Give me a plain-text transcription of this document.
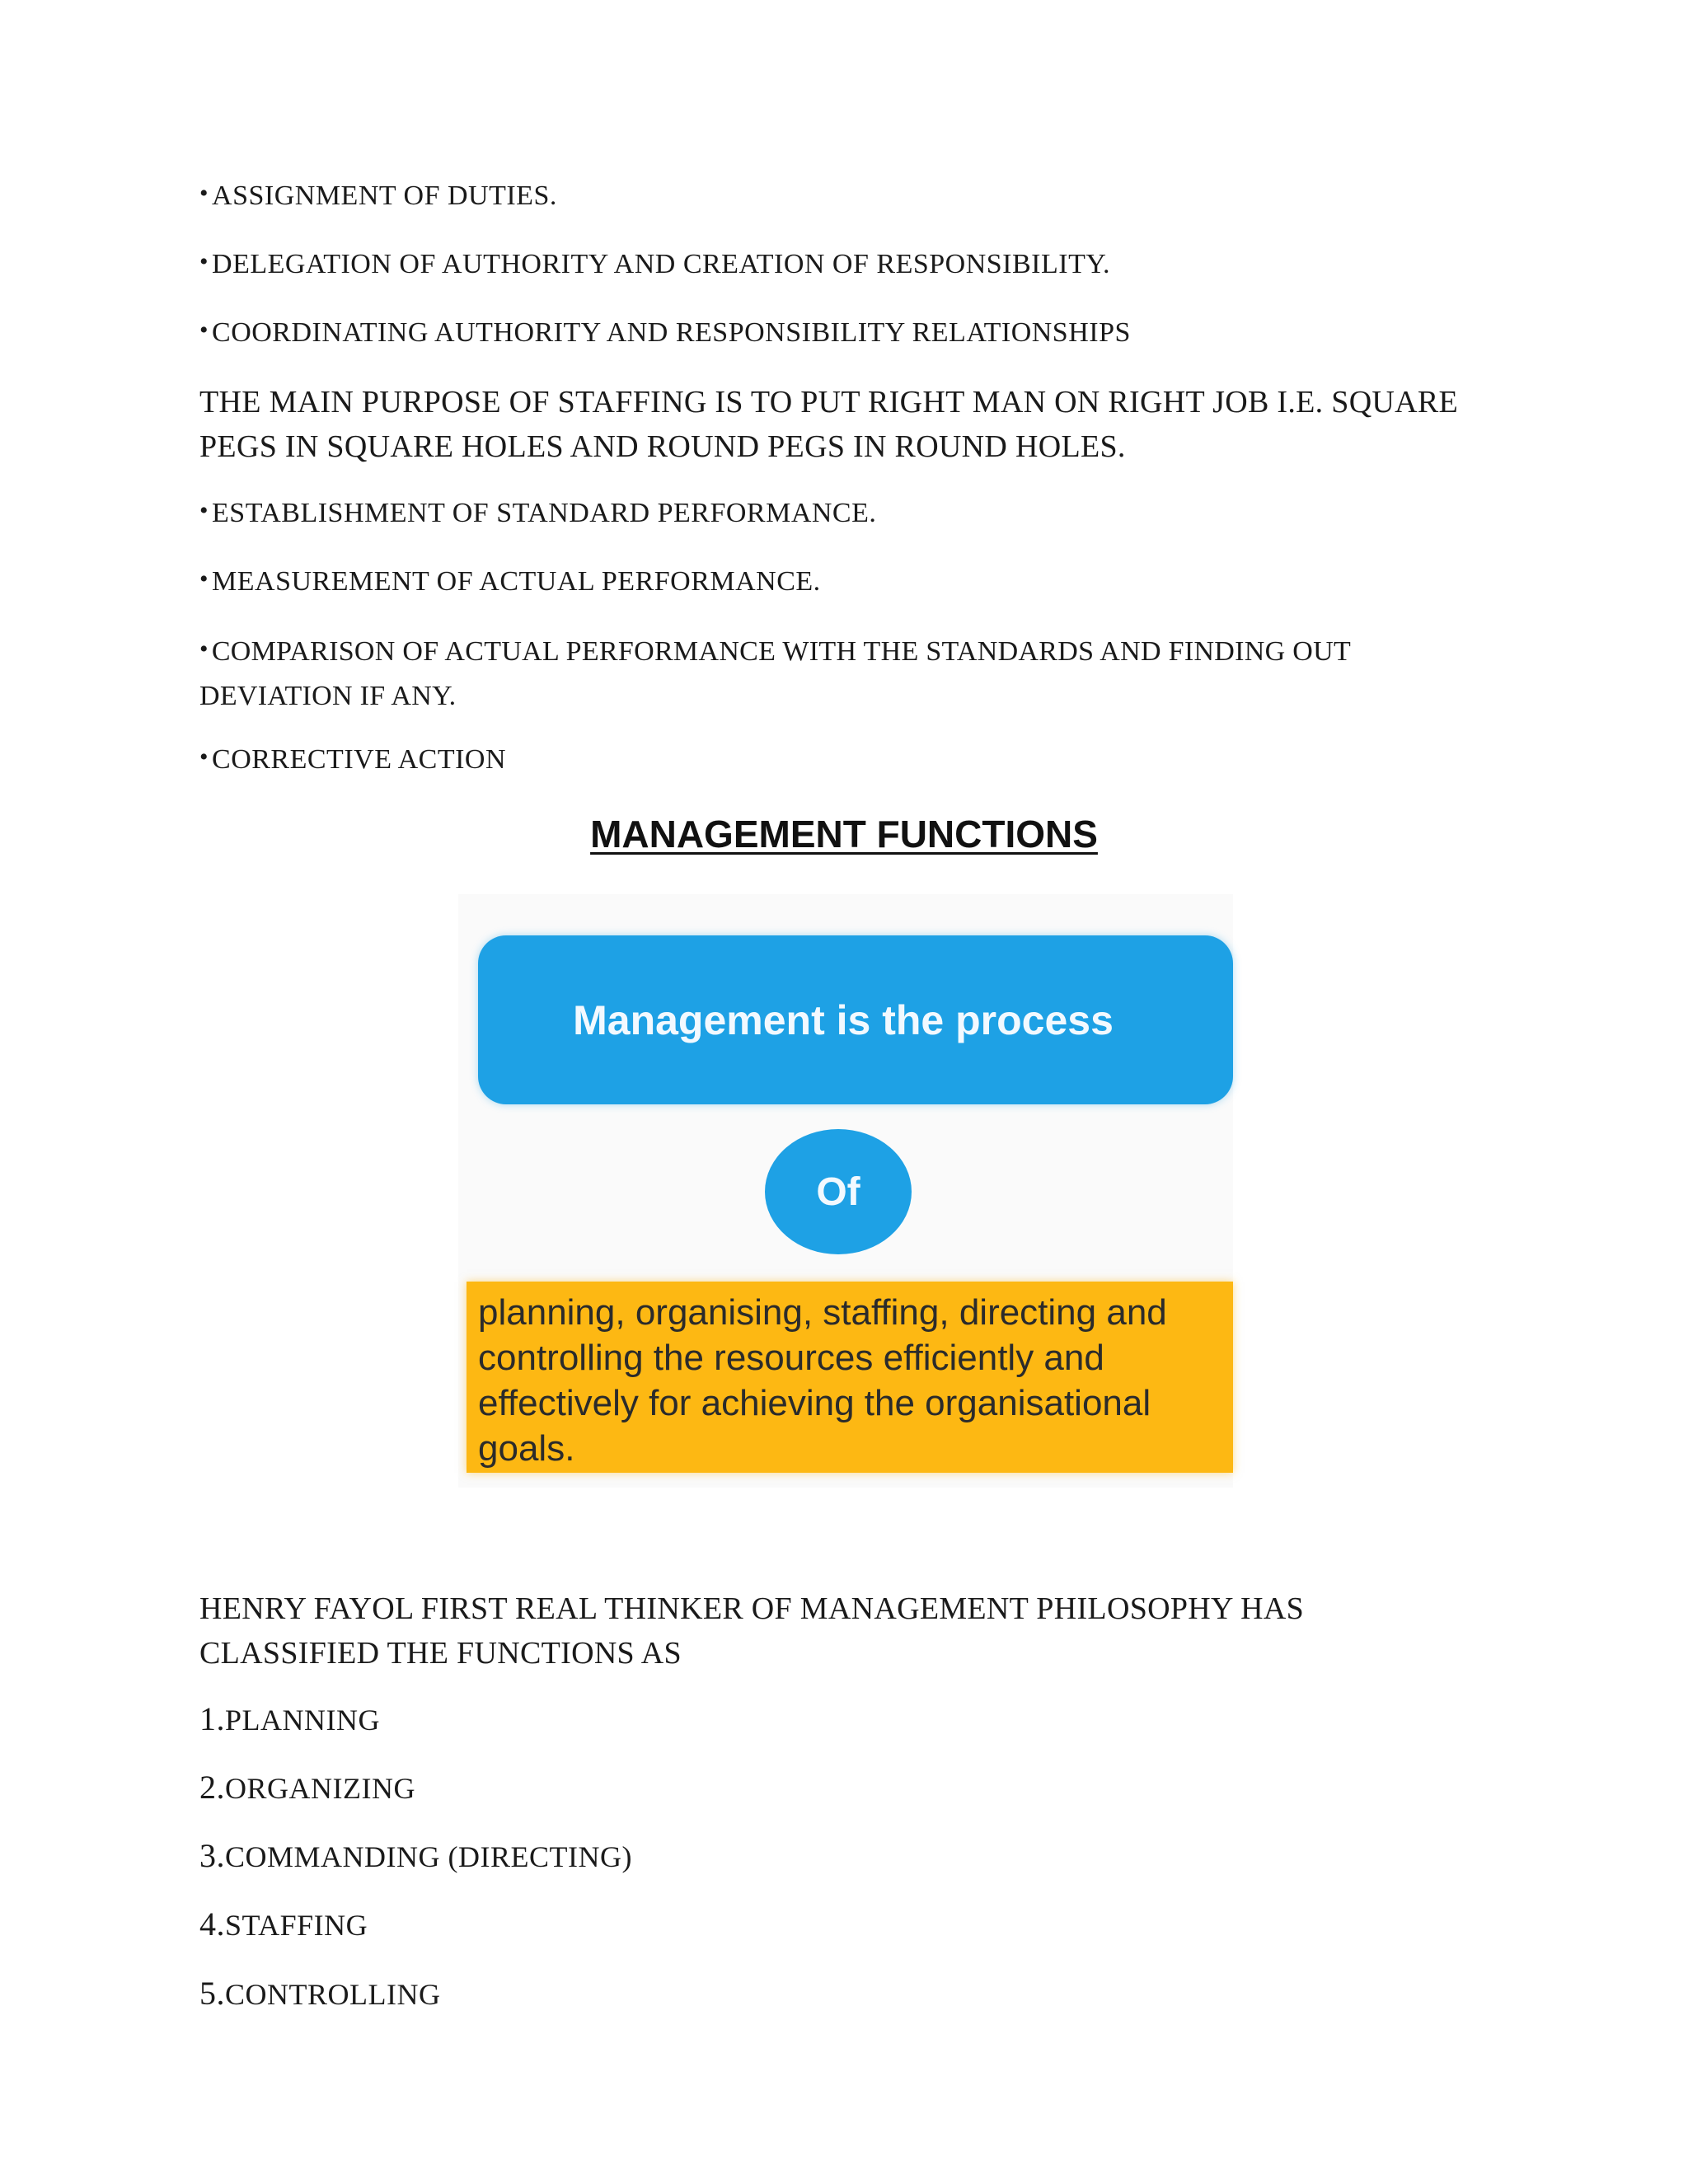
• ASSIGNMENT OF DUTIES.
• DELEGATION OF AUTHORITY AND CREATION OF RESPONSIBILITY.
• COORDINATING AUTHORITY AND RESPONSIBILITY RELATIONSHIPS
THE MAIN PURPOSE OF STAFFING IS TO PUT RIGHT MAN ON RIGHT JOB I.E. SQUARE PEGS IN SQUARE HOLES AND ROUND PEGS IN ROUND HOLES.
• ESTABLISHMENT OF STANDARD PERFORMANCE.
• MEASUREMENT OF ACTUAL PERFORMANCE.
• COMPARISON OF ACTUAL PERFORMANCE WITH THE STANDARDS AND FINDING OUT DEVIATION IF ANY.
• CORRECTIVE ACTION
MANAGEMENT FUNCTIONS
Management is the process
Of
planning, organising, staffing, directing and controlling the resources efficiently and effectively for achieving the organisational goals.
HENRY FAYOL FIRST REAL THINKER OF MANAGEMENT PHILOSOPHY HAS CLASSIFIED THE FUNCTIONS AS
1.PLANNING
2.ORGANIZING
3.COMMANDING (DIRECTING)
4.STAFFING
5.CONTROLLING
